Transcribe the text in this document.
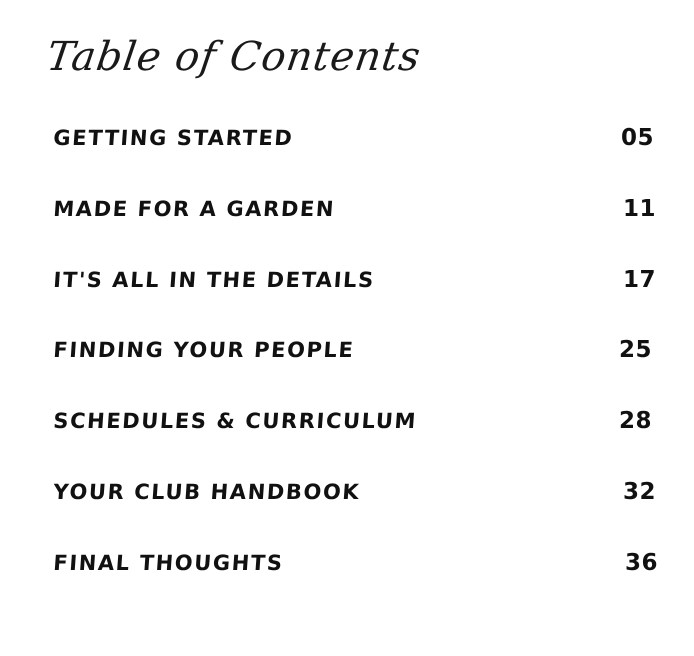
Table of Contents
GETTING STARTED	05
MADE FOR A GARDEN	11
IT'S ALL IN THE DETAILS	17
FINDING YOUR PEOPLE	25
SCHEDULES & CURRICULUM	28
YOUR CLUB HANDBOOK	32
FINAL THOUGHTS	36
